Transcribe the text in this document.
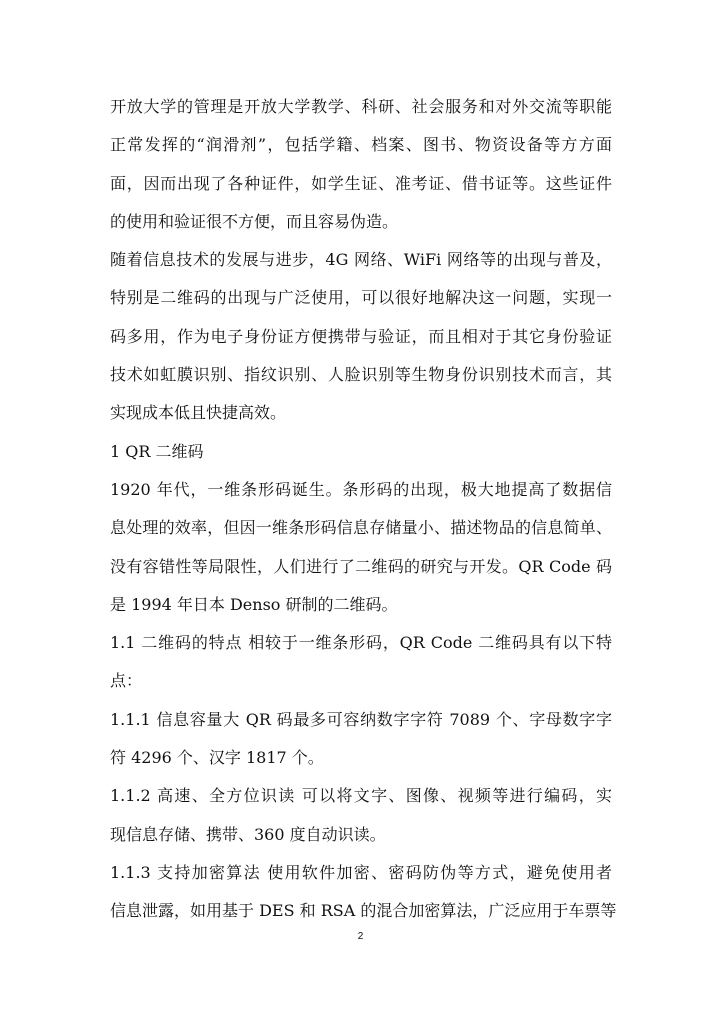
开放大学的管理是开放大学教学、科研、社会服务和对外交流等职能
正常发挥的“润滑剂”，包括学籍、档案、图书、物资设备等方方面
面，因而出现了各种证件，如学生证、准考证、借书证等。这些证件
的使用和验证很不方便，而且容易伪造。
随着信息技术的发展与进步，4G 网络、WiFi 网络等的出现与普及，
特别是二维码的出现与广泛使用，可以很好地解决这一问题，实现一
码多用，作为电子身份证方便携带与验证，而且相对于其它身份验证
技术如虹膜识别、指纹识别、人脸识别等生物身份识别技术而言，其
实现成本低且快捷高效。
1 QR 二维码
1920 年代，一维条形码诞生。条形码的出现，极大地提高了数据信
息处理的效率，但因一维条形码信息存储量小、描述物品的信息简单、
没有容错性等局限性，人们进行了二维码的研究与开发。QR Code 码
是 1994 年日本 Denso 研制的二维码。
1.1 二维码的特点 相较于一维条形码，QR Code 二维码具有以下特
点：
1.1.1 信息容量大 QR 码最多可容纳数字字符 7089 个、字母数字字
符 4296 个、汉字 1817 个。
1.1.2 高速、全方位识读 可以将文字、图像、视频等进行编码，实
现信息存储、携带、360 度自动识读。
1.1.3 支持加密算法 使用软件加密、密码防伪等方式，避免使用者
信息泄露，如用基于 DES 和 RSA 的混合加密算法，广泛应用于车票等
2
